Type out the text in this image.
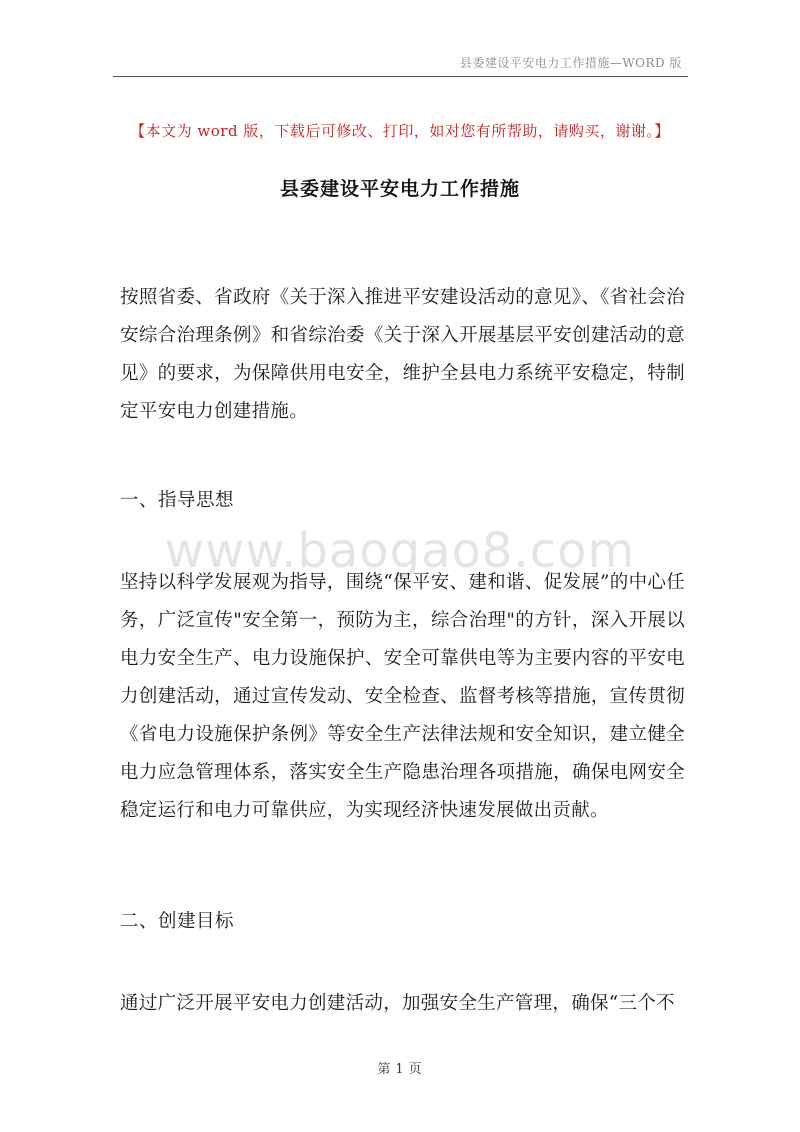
县委建设平安电力工作措施—WORD 版
【本文为 word 版，下载后可修改、打印，如对您有所帮助，请购买，谢谢。】
县委建设平安电力工作措施

按照省委、省政府《关于深入推进平安建设活动的意见》、《省社会治安综合治理条例》和省综治委《关于深入开展基层平安创建活动的意见》的要求，为保障供用电安全，维护全县电力系统平安稳定，特制定平安电力创建措施。

一、指导思想
www.baogao8.com

坚持以科学发展观为指导，围绕“保平安、建和谐、促发展”的中心任务，广泛宣传"安全第一，预防为主，综合治理"的方针，深入开展以电力安全生产、电力设施保护、安全可靠供电等为主要内容的平安电力创建活动，通过宣传发动、安全检查、监督考核等措施，宣传贯彻《省电力设施保护条例》等安全生产法律法规和安全知识，建立健全电力应急管理体系，落实安全生产隐患治理各项措施，确保电网安全稳定运行和电力可靠供应，为实现经济快速发展做出贡献。

二、创建目标

通过广泛开展平安电力创建活动，加强安全生产管理，确保“三个不

第 1 页
